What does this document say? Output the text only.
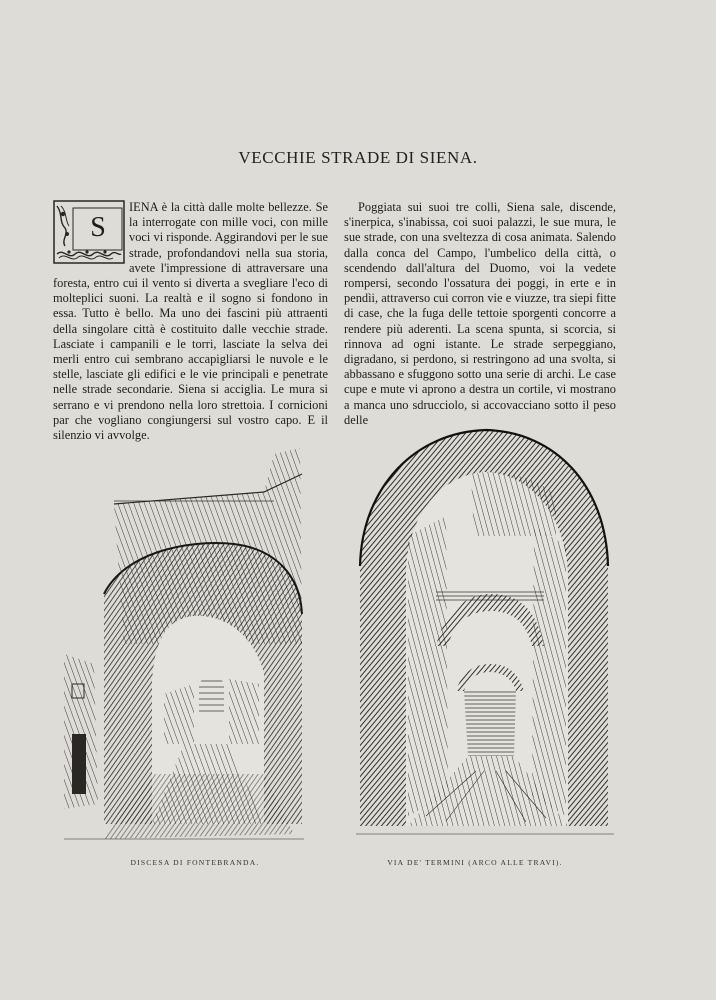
VECCHIE STRADE DI SIENA.
S

IENA è la città dalle molte bellezze. Se la interrogate con mille voci, con mille voci vi risponde. Aggirandovi per le sue strade, profondandovi nella sua storia, avete l'impressione di attraversare una foresta, entro cui il vento si diverta a svegliare l'eco di molteplici suoni. La realtà e il sogno si fondono in essa. Tutto è bello. Ma uno dei fascini più attraenti della singolare città è costituito dalle vecchie strade. Lasciate i campanili e le torri, lasciate la selva dei merli entro cui sembrano accapigliarsi le nuvole e le stelle, lasciate gli edifici e le vie principali e penetrate nelle strade secondarie. Siena si acciglia. Le mura si serrano e vi prendono nella loro strettoia. I cornicioni par che vogliano congiungersi sul vostro capo. E il silenzio vi avvolge.

Poggiata sui suoi tre colli, Siena sale, discende, s'inerpica, s'inabissa, coi suoi palazzi, le sue mura, le sue strade, con una sveltezza di cosa animata. Salendo dalla conca del Campo, l'umbelico della città, o scendendo dall'altura del Duomo, voi la vedete rompersi, secondo l'ossatura dei poggi, in erte e in pendìi, attraverso cui corron vie e viuzze, tra siepi fitte di case, che la fuga delle tettoie sporgenti concorre a rendere più aderenti. La scena spunta, si scorcia, si rinnova ad ogni istante. Le strade serpeggiano, digradano, si perdono, si restringono ad una svolta, si abbassano e sfuggono sotto una serie di archi. Le case cupe e mute vi aprono a destra un cortile, vi mostrano a manca uno sdrucciolo, si accovacciano sotto il peso delle

DISCESA DI FONTEBRANDA.	VIA DE' TERMINI (ARCO ALLE TRAVI).
